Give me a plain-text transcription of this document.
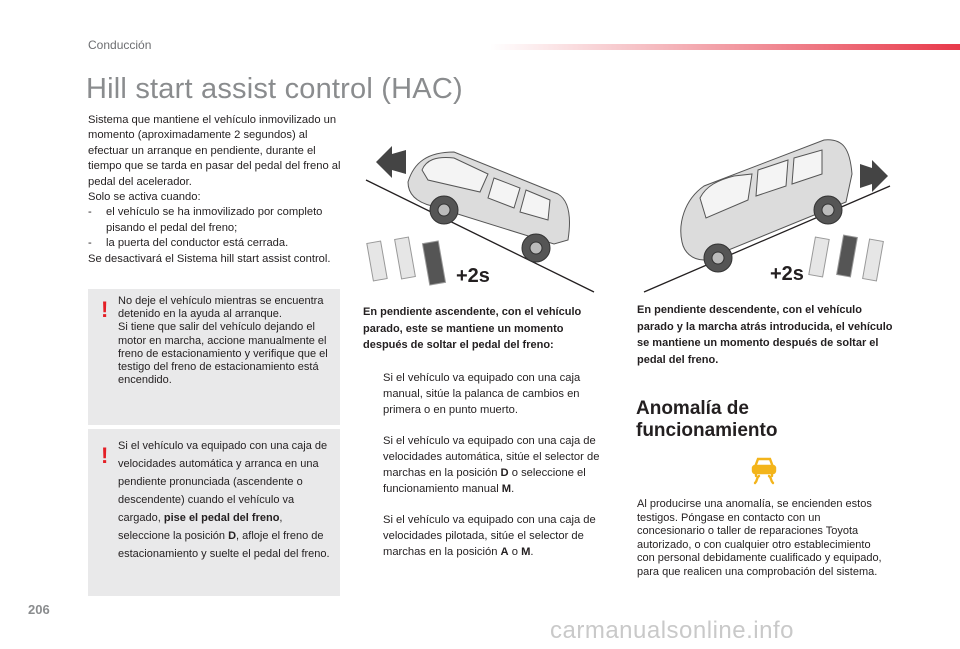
Conducción
Hill start assist control (HAC)

Sistema que mantiene el vehículo inmovilizado un momento (aproximadamente 2 segundos) al efectuar un arranque en pendiente, durante el tiempo que se tarda en pasar del pedal del freno al pedal del acelerador.

Solo se activa cuando:

-	el vehículo se ha inmovilizado por completo pisando el pedal del freno;
-	la puerta del conductor está cerrada.

Se desactivará el Sistema hill start assist control.

! No deje el vehículo mientras se encuentra detenido en la ayuda al arranque.

Si tiene que salir del vehículo dejando el motor en marcha, accione manualmente el freno de estacionamiento y verifique que el testigo del freno de estacionamiento está encendido.

! Si el vehículo va equipado con una caja de velocidades automática y arranca en una pendiente pronunciada (ascendente o descendente) cuando el vehículo va cargado, pise el pedal del freno, seleccione la posición D, afloje el freno de estacionamiento y suelte el pedal del freno.

+2s	+2s
En pendiente ascendente, con el vehículo parado, este se mantiene un momento después de soltar el pedal del freno:
Si el vehículo va equipado con una caja manual, sitúe la palanca de cambios en primera o en punto muerto.
Si el vehículo va equipado con una caja de velocidades automática, sitúe el selector de marchas en la posición D o seleccione el funcionamiento manual M.
Si el vehículo va equipado con una caja de velocidades pilotada, sitúe el selector de marchas en la posición A o M.
En pendiente descendente, con el vehículo parado y la marcha atrás introducida, el vehículo se mantiene un momento después de soltar el pedal del freno.
Anomalía de funcionamiento
Al producirse una anomalía, se encienden estos testigos. Póngase en contacto con un concesionario o taller de reparaciones Toyota autorizado, o con cualquier otro establecimiento con personal debidamente cualificado y equipado, para que realicen una comprobación del sistema.
206
carmanualsonline.info
